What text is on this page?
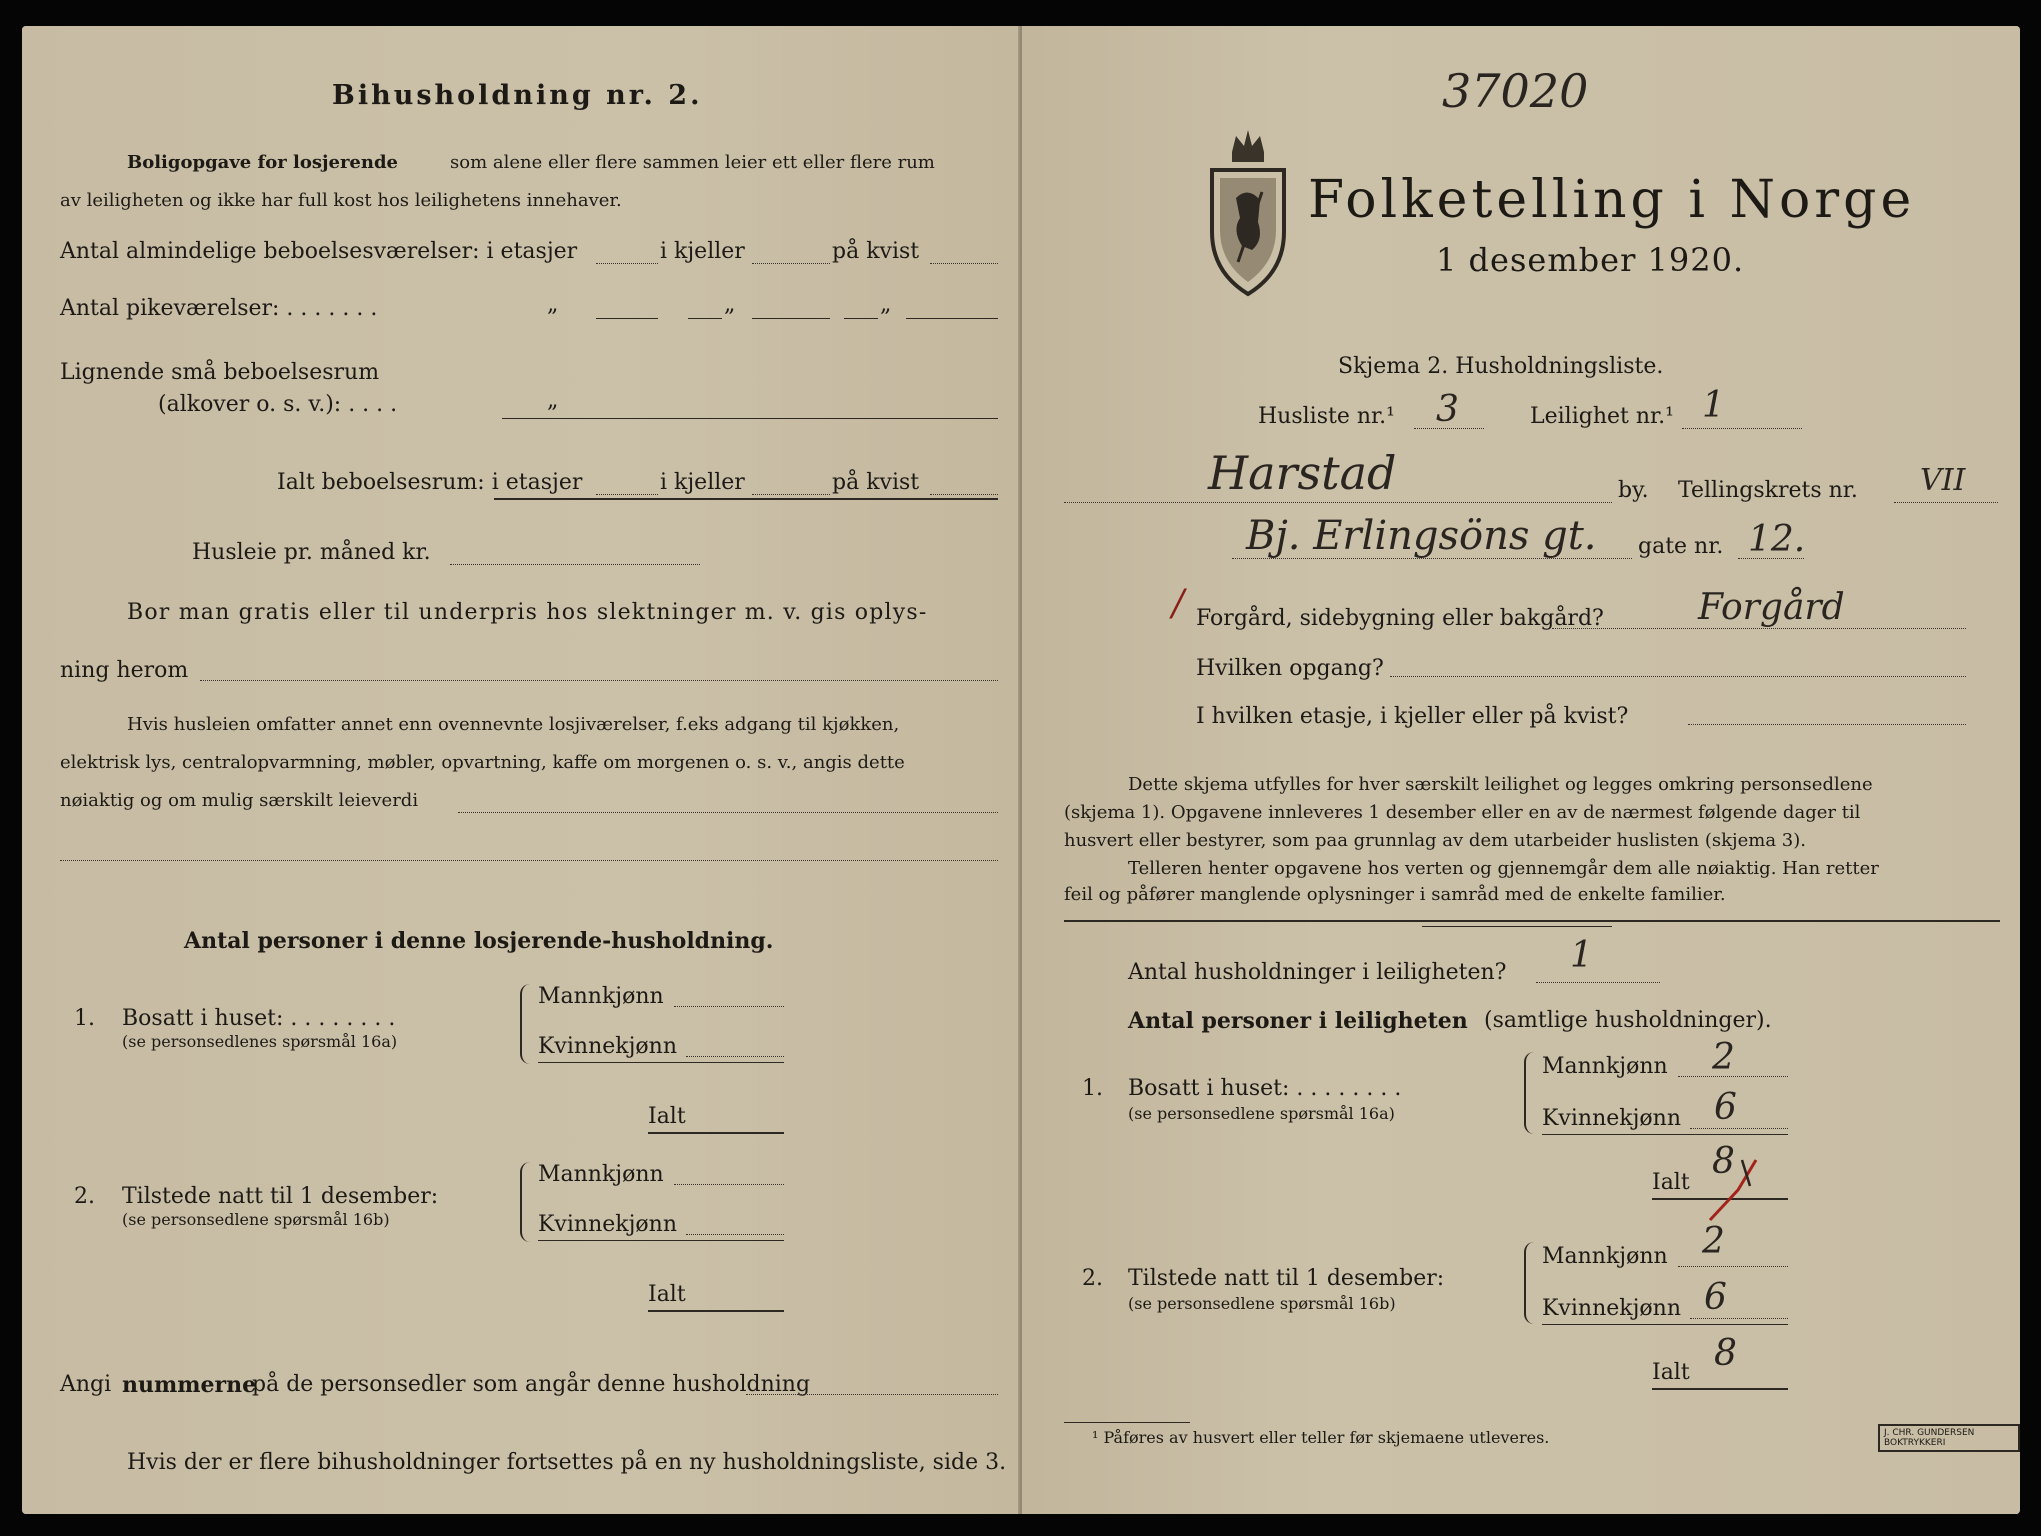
Bihusholdning nr. 2.
Boligopgave for losjerende	som alene eller flere sammen leier ett eller flere rum
av leiligheten og ikke har full kost hos leilighetens innehaver.
Antal almindelige beboelsesværelser: i etasjer	i kjeller	på kvist
Antal pikeværelser: . . . . . . .	„	„	„
Lignende små beboelsesrum
(alkover o. s. v.): . . . .	„
Ialt beboelsesrum: i etasjer	i kjeller	på kvist
Husleie pr. måned kr.
Bor man gratis eller til underpris hos slektninger m. v. gis oplys-
ning herom
Hvis husleien omfatter annet enn ovennevnte losjiværelser, f.eks adgang til kjøkken,
elektrisk lys, centralopvarmning, møbler, opvartning, kaffe om morgenen o. s. v., angis dette
nøiaktig og om mulig særskilt leieverdi
Antal personer i denne losjerende-husholdning.
1. Bosatt i huset: . . . . . . . .
(se personsedlenes spørsmål 16a)
Mannkjønn
Kvinnekjønn
Ialt
2. Tilstede natt til 1 desember:
(se personsedlene spørsmål 16b)
Mannkjønn
Kvinnekjønn
Ialt
Angi nummerne
på de personsedler som angår denne husholdning
Hvis der er flere bihusholdninger fortsettes på en ny husholdningsliste, side 3.
37020
Folketelling i Norge
1 desember 1920.
Skjema 2. Husholdningsliste.
Husliste nr.¹ 3	Leilighet nr.¹ 1
Harstad	by. Tellingskrets nr. VII
Bj. Erlingsöns gt. gate nr. 12.
/ Forgård, sidebygning eller bakgård?	Forgård
Hvilken opgang?
I hvilken etasje, i kjeller eller på kvist?
Dette skjema utfylles for hver særskilt leilighet og legges omkring personsedlene
(skjema 1). Opgavene innleveres 1 desember eller en av de nærmest følgende dager til
husvert eller bestyrer, som paa grunnlag av dem utarbeider huslisten (skjema 3).
Telleren henter opgavene hos verten og gjennemgår dem alle nøiaktig. Han retter
feil og påfører manglende oplysninger i samråd med de enkelte familier.
Antal husholdninger i leiligheten? 1
Antal personer i leiligheten (samtlige husholdninger).
1. Bosatt i huset: . . . . . . . .
(se personsedlene spørsmål 16a)
Mannkjønn 2
Kvinnekjønn 6
Ialt
8
2. Tilstede natt til 1 desember:
(se personsedlene spørsmål 16b)
Mannkjønn 2
Kvinnekjønn 6
Ialt 8
¹ Påføres av husvert eller teller før skjemaene utleveres.	J. CHR. GUNDERSEN BOKTRYKKERI
